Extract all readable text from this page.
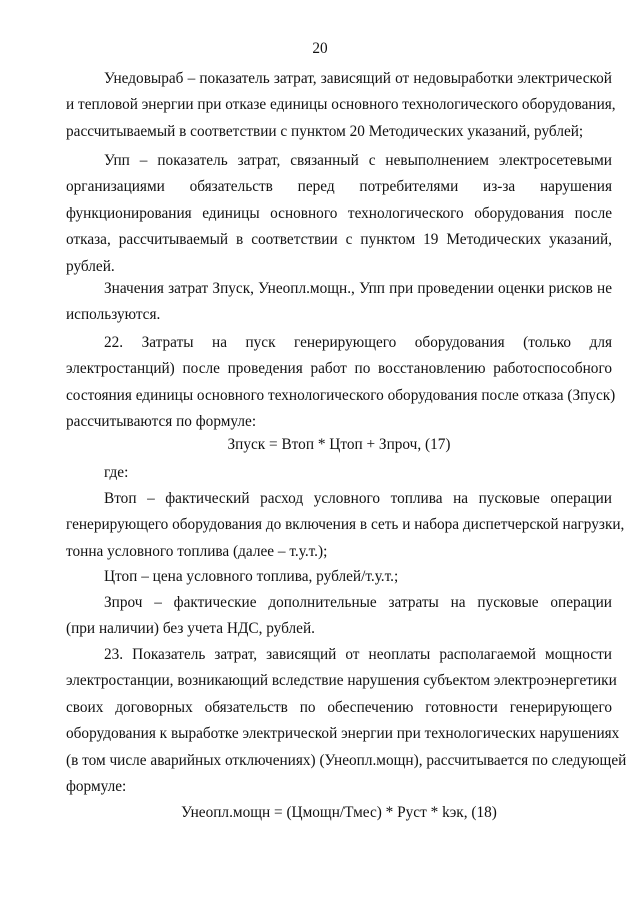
20
Унедовыраб – показатель затрат, зависящий от недовыработки электрической
и тепловой энергии при отказе единицы основного технологического оборудования,
рассчитываемый в соответствии с пунктом 20 Методических указаний, рублей;
Упп – показатель затрат, связанный с невыполнением электросетевыми
организациями обязательств перед потребителями из-за нарушения
функционирования единицы основного технологического оборудования после
отказа, рассчитываемый в соответствии с пунктом 19 Методических указаний,
рублей.
Значения затрат Зпуск, Унеопл.мощн., Упп при проведении оценки рисков не
используются.
22. Затраты на пуск генерирующего оборудования (только для
электростанций) после проведения работ по восстановлению работоспособного
состояния единицы основного технологического оборудования после отказа (Зпуск)
рассчитываются по формуле:
Зпуск = Втоп * Цтоп + Зпроч, (17)
где:
Втоп – фактический расход условного топлива на пусковые операции
генерирующего оборудования до включения в сеть и набора диспетчерской нагрузки,
тонна условного топлива (далее – т.у.т.);
Цтоп – цена условного топлива, рублей/т.у.т.;
Зпроч – фактические дополнительные затраты на пусковые операции
(при наличии) без учета НДС, рублей.
23. Показатель затрат, зависящий от неоплаты располагаемой мощности
электростанции, возникающий вследствие нарушения субъектом электроэнергетики
своих договорных обязательств по обеспечению готовности генерирующего
оборудования к выработке электрической энергии при технологических нарушениях
(в том числе аварийных отключениях) (Унеопл.мощн), рассчитывается по следующей
формуле:
Унеопл.мощн = (Цмощн/Тмес) * Руст * kэк, (18)
